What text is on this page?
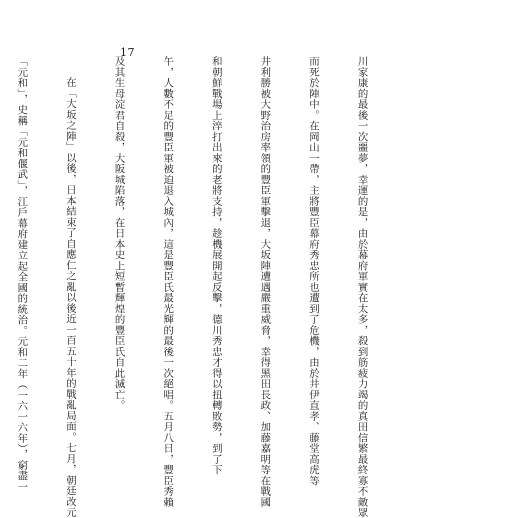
17

川家康的最後一次噩夢，幸運的是，由於幕府軍實在太多，殺到筋疲力竭的真田信繁最終寡不敵眾

而死於陣中。在岡山一帶，主將豐臣幕府秀忠所也遭到了危機，由於井伊直孝、藤堂高虎等

井利勝被大野治房率領的豐臣軍擊退，大坂陣遭遇嚴重威脅，幸得黑田長政、加藤嘉明等在戰國

和朝鮮戰場上淬打出來的老將支持，趁機展開起反擊，德川秀忠才得以扭轉敗勢，到了下

午，人數不足的豐臣軍被迫退入城內，這是豐臣氏最光輝的最後一次絕唱。五月八日，豐臣秀賴

及其生母淀君自殺，大阪城陷落，在日本史上短暫輝煌的豐臣氏自此滅亡。

在「大坂之陣」以後，日本結束了自應仁之亂以後近一百五十年的戰亂局面。七月，朝廷改元

「元和」，史稱「元和偃武」，江戶幕府建立起全國的統治。元和二年（一六一六年），窮盡一
